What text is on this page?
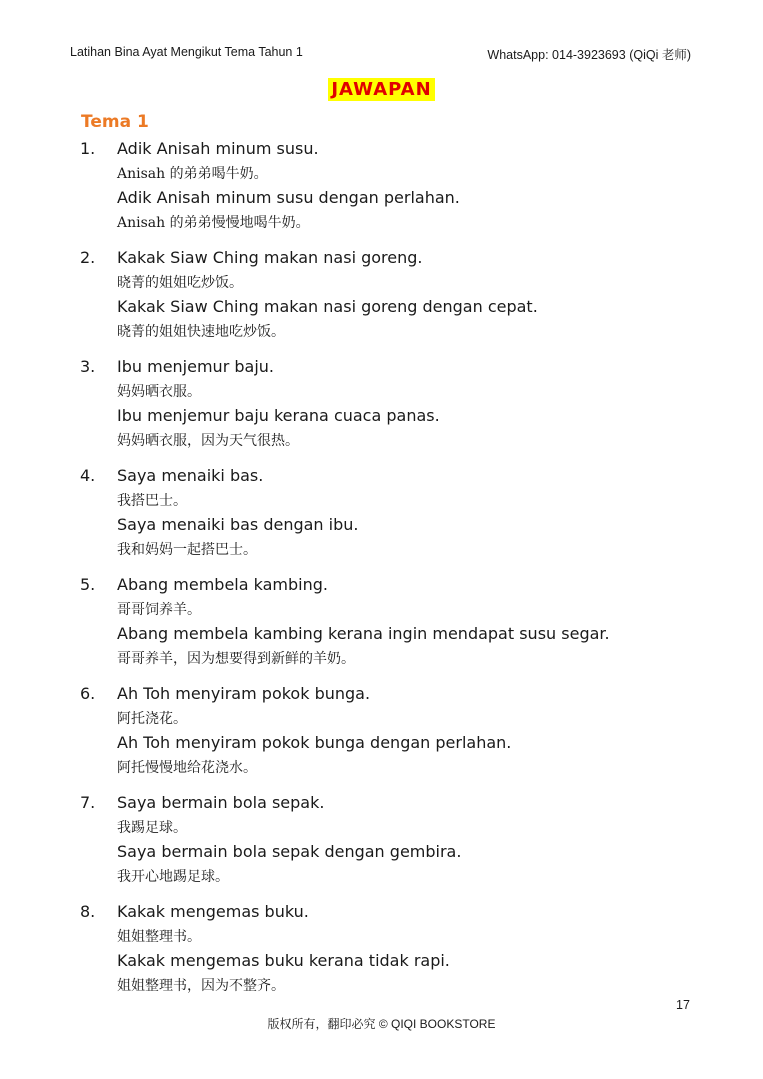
Latihan Bina Ayat Mengikut Tema Tahun 1	WhatsApp: 014-3923693 (QiQi 老师)
JAWAPAN
Tema 1
1.	Adik Anisah minum susu.
Anisah 的弟弟喝牛奶。
Adik Anisah minum susu dengan perlahan.
Anisah 的弟弟慢慢地喝牛奶。
2.	Kakak Siaw Ching makan nasi goreng.
晓菁的姐姐吃炒饭。
Kakak Siaw Ching makan nasi goreng dengan cepat.
晓菁的姐姐快速地吃炒饭。
3.	Ibu menjemur baju.
妈妈晒衣服。
Ibu menjemur baju kerana cuaca panas.
妈妈晒衣服，因为天气很热。
4.	Saya menaiki bas.
我搭巴士。
Saya menaiki bas dengan ibu.
我和妈妈一起搭巴士。
5.	Abang membela kambing.
哥哥饲养羊。
Abang membela kambing kerana ingin mendapat susu segar.
哥哥养羊，因为想要得到新鲜的羊奶。
6.	Ah Toh menyiram pokok bunga.
阿托浇花。
Ah Toh menyiram pokok bunga dengan perlahan.
阿托慢慢地给花浇水。
7.	Saya bermain bola sepak.
我踢足球。
Saya bermain bola sepak dengan gembira.
我开心地踢足球。
8.	Kakak mengemas buku.
姐姐整理书。
Kakak mengemas buku kerana tidak rapi.
姐姐整理书，因为不整齐。
17
版权所有，翻印必究 © QIQI BOOKSTORE
